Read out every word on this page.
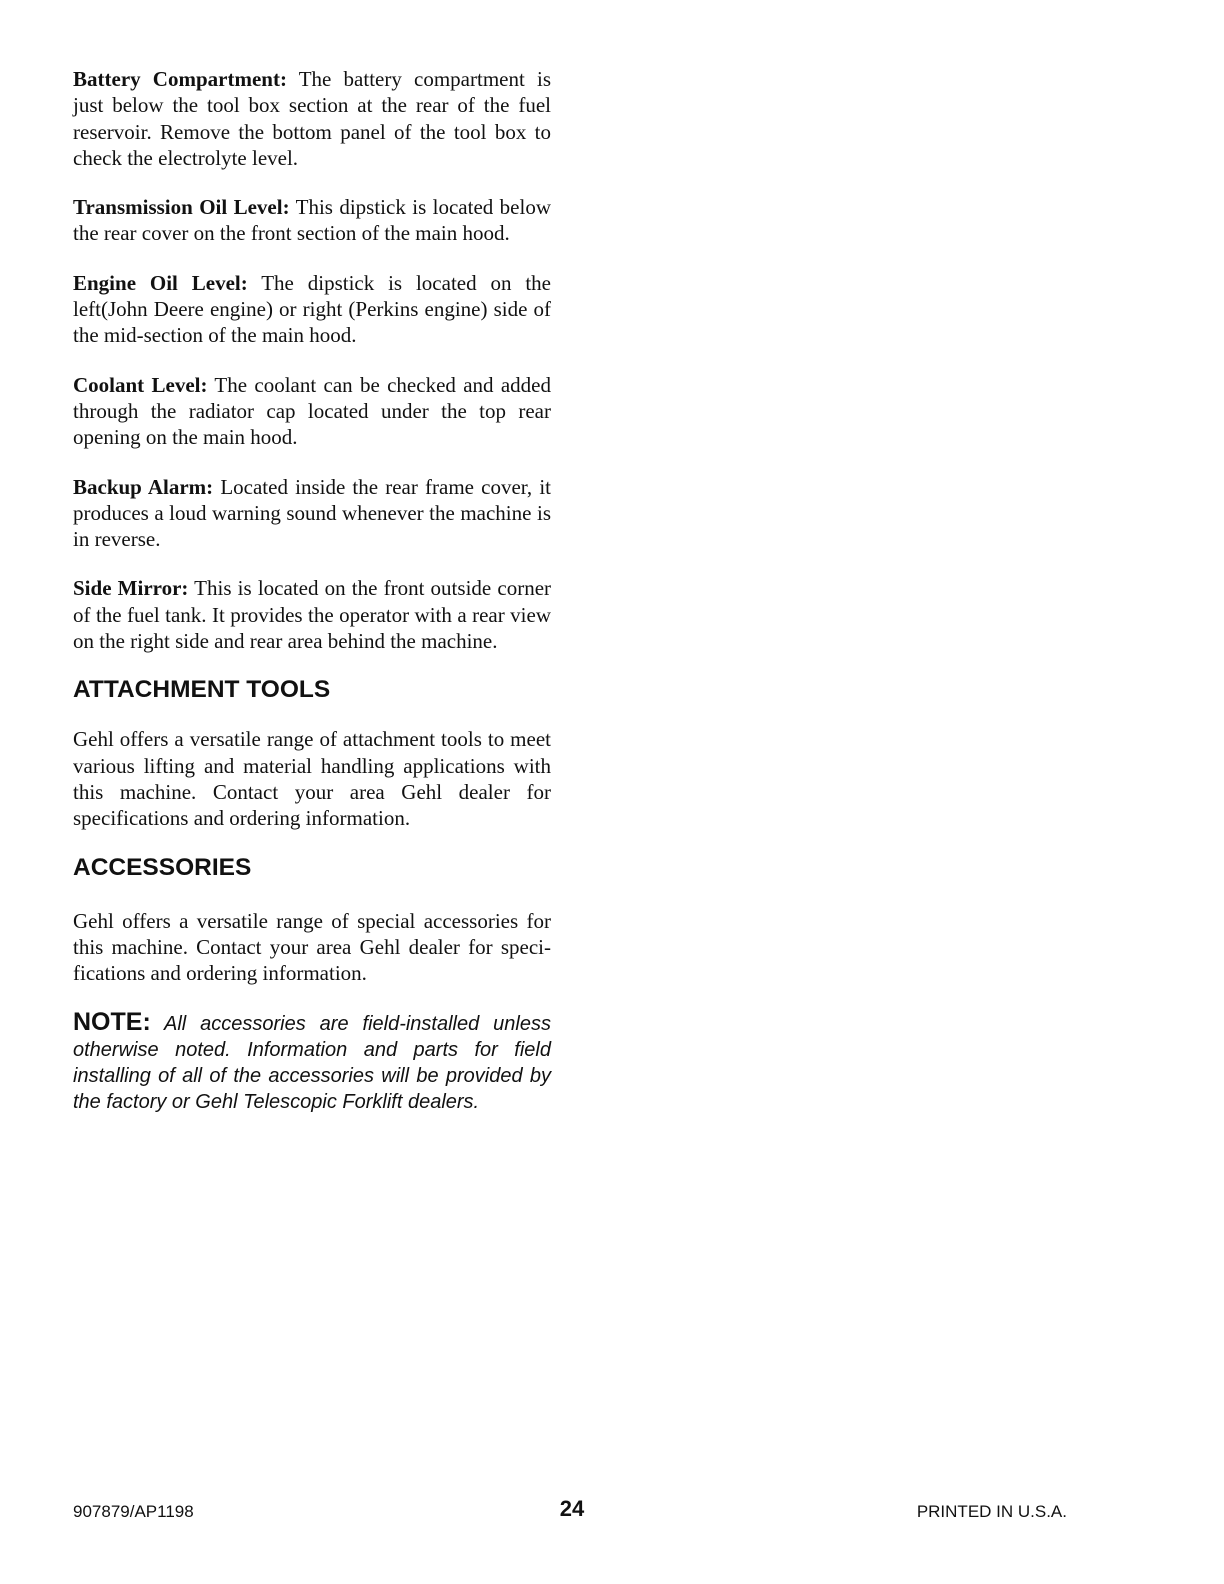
Battery Compartment: The battery compartment is just below the tool box section at the rear of the fuel reservoir. Remove the bottom panel of the tool box to check the electrolyte level.

Transmission Oil Level: This dipstick is located below the rear cover on the front section of the main hood.

Engine Oil Level: The dipstick is located on the left(John Deere engine) or right (Perkins engine) side of the mid-section of the main hood.

Coolant Level: The coolant can be checked and added through the radiator cap located under the top rear opening on the main hood.

Backup Alarm: Located inside the rear frame cover, it produces a loud warning sound whenever the machine is in reverse.

Side Mirror: This is located on the front outside corner of the fuel tank. It provides the operator with a rear view on the right side and rear area behind the machine.

ATTACHMENT TOOLS

Gehl offers a versatile range of attachment tools to meet various lifting and material handling applications with this machine. Contact your area Gehl dealer for specifications and ordering information.

ACCESSORIES

Gehl offers a versatile range of special accessories for this machine. Contact your area Gehl dealer for specifications and ordering information.

NOTE: All accessories are field-installed unless otherwise noted. Information and parts for field installing of all of the accessories will be provided by the factory or Gehl Telescopic Forklift dealers.

907879/AP1198	24	PRINTED IN U.S.A.
